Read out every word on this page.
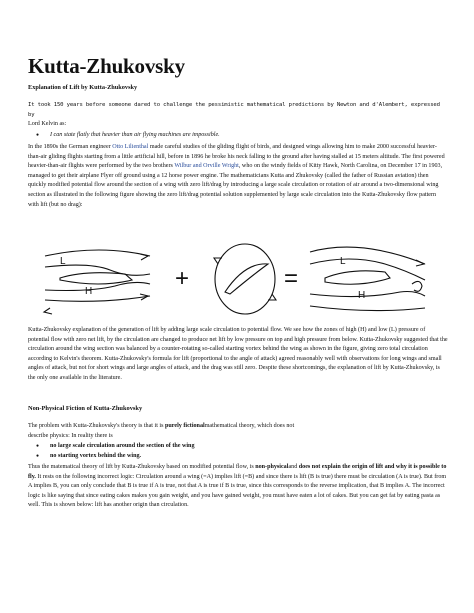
Kutta-Zhukovsky
Explanation of Lift by Kutta-Zhukovsky

It took 150 years before someone dared to challenge the pessimistic mathematical predictions by Newton and d'Alembert, expressed by
Lord Kelvin as:

● I can state flatly that heavier than air flying machines are impossible.

In the 1890s the German engineer Otto Lilienthal made careful studies of the gliding flight of birds, and designed wings allowing him to make 2000 successful heavier-than-air gliding flights starting from a little artificial hill, before in 1896 he broke his neck falling to the ground after having stalled at 15 meters altitude. The first powered heavier-than-air flights were performed by the two brothers Wilbur and Orville Wright, who on the windy fields of Kitty Hawk, North Carolina, on December 17 in 1903, managed to get their airplane Flyer off ground using a 12 horse power engine. The mathematicians Kutta and Zhukovsky (called the father of Russian aviation) then quickly modified potential flow around the section of a wing with zero lift/drag by introducing a large scale circulation or rotation of air around a two-dimensional wing section as illustrated in the following figure showing the zero lift/drag potential solution supplemented by large scale circulation into the Kutta-Zhukovsky flow pattern with lift (but no drag):

L
H	+	=
L
H

Kutta-Zhukovsky explanation of the generation of lift by adding large scale circulation to potential flow. We see how the zones of high (H) and low (L) pressure of potential flow with zero net lift, by the circulation are changed to produce net lift by low pressure on top and high pressure from below. Kutta-Zhukovsky suggested that the circulation around the wing section was balanced by a counter-rotating so-called starting vortex behind the wing as shown in the figure, giving zero total circulation according to Kelvin's theorem. Kutta-Zhukovsky's formula for lift (proportional to the angle of attack) agreed reasonably well with observations for long wings and small angles of attack, but not for short wings and large angles of attack, and the drag was still zero. Despite these shortcomings, the explanation of lift by Kutta-Zhukovsky, is the only one available in the literature.

Non-Physical Fiction of Kutta-Zhukovsky

The problem with Kutta-Zhukovsky's theory is that it is purely fictionalmathematical theory, which does not
describe physics: In reality there is

● no large scale circulation around the section of the wing
● no starting vortex behind the wing.

Thus the matematical theory of lift by Kutta-Zhukovsky based on modified potential flow, is non-physicaland does not explain the origin of lift and why it is possible to fly. It rests on the following incorrect logic: Circulation around a wing (=A) implies lift (=B) and since there is lift (B is true) there must be circulation (A is true). But from A implies B, you can only conclude that B is true if A is true, not that A is true if B is true, since this corresponds to the reverse implication, that B implies A. The incorrect logic is like saying that since eating cakes makes you gain weight, and you have gained weight, you must have eaten a lot of cakes. But you can get fat by eating pasta as well. This is shown below: lift has another origin than circulation.
